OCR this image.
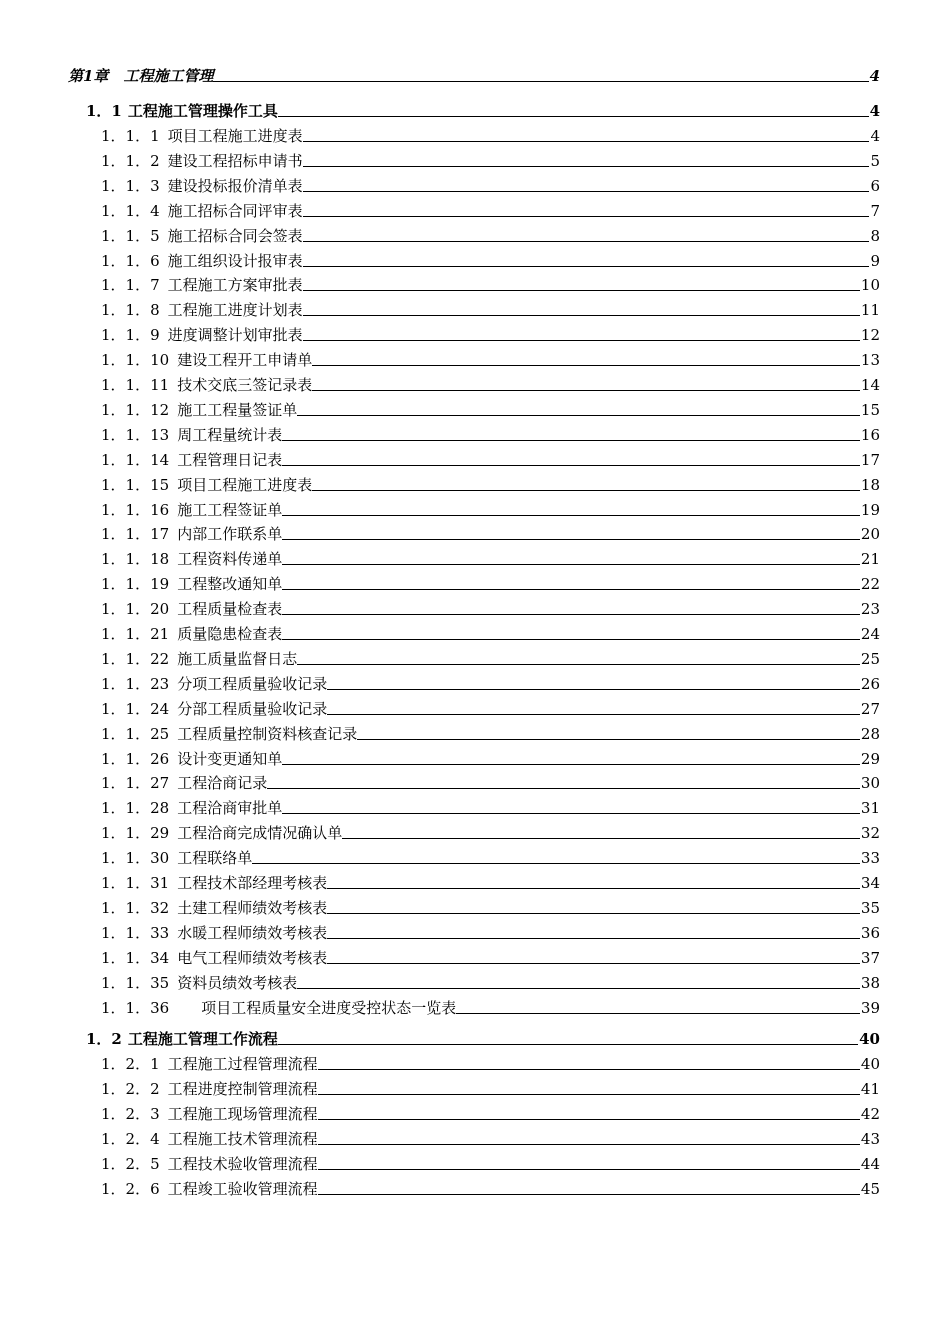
第1章　 工程施工管理	4
1．1 工程施工管理操作工具	4
1．1．1 项目工程施工进度表	4
1．1．2 建设工程招标申请书	5
1．1．3 建设投标报价清单表	6
1．1．4 施工招标合同评审表	7
1．1．5 施工招标合同会签表	8
1．1．6 施工组织设计报审表	9
1．1．7 工程施工方案审批表	10
1．1．8 工程施工进度计划表	11
1．1．9 进度调整计划审批表	12
1．1．10 建设工程开工申请单	13
1．1．11 技术交底三签记录表	14
1．1．12 施工工程量签证单	15
1．1．13 周工程量统计表	16
1．1．14 工程管理日记表	17
1．1．15 项目工程施工进度表	18
1．1．16 施工工程签证单	19
1．1．17 内部工作联系单	20
1．1．18 工程资料传递单	21
1．1．19 工程整改通知单	22
1．1．20 工程质量检查表	23
1．1．21 质量隐患检查表	24
1．1．22 施工质量监督日志	25
1．1．23 分项工程质量验收记录	26
1．1．24 分部工程质量验收记录	27
1．1．25 工程质量控制资料核查记录	28
1．1．26 设计变更通知单	29
1．1．27 工程洽商记录	30
1．1．28 工程洽商审批单	31
1．1．29 工程洽商完成情况确认单	32
1．1．30 工程联络单	33
1．1．31 工程技术部经理考核表	34
1．1．32 土建工程师绩效考核表	35
1．1．33 水暖工程师绩效考核表	36
1．1．34 电气工程师绩效考核表	37
1．1．35 资料员绩效考核表	38
1．1．36 项目工程质量安全进度受控状态一览表	39
1．2 工程施工管理工作流程	40
1．2．1 工程施工过程管理流程	40
1．2．2 工程进度控制管理流程	41
1．2．3 工程施工现场管理流程	42
1．2．4 工程施工技术管理流程	43
1．2．5 工程技术验收管理流程	44
1．2．6 工程竣工验收管理流程	45
